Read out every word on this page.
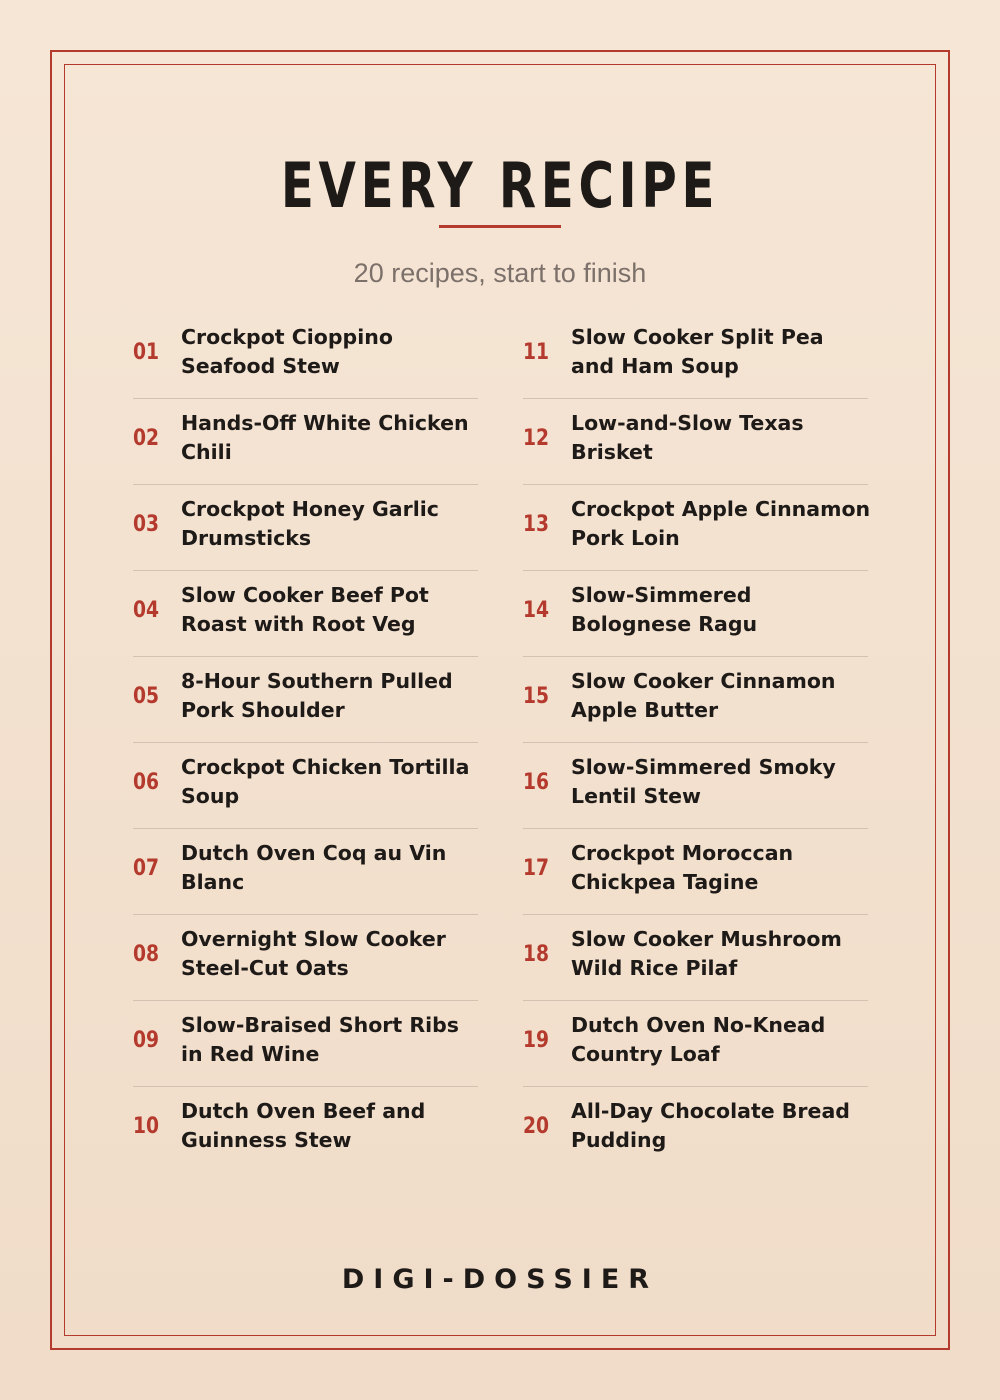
EVERY RECIPE
20 recipes, start to finish
01
Crockpot Cioppino Seafood Stew
02
Hands-Off White Chicken Chili
03
Crockpot Honey Garlic Drumsticks
04
Slow Cooker Beef Pot Roast with Root Veg
05
8-Hour Southern Pulled Pork Shoulder
06
Crockpot Chicken Tortilla Soup
07
Dutch Oven Coq au Vin Blanc
08
Overnight Slow Cooker Steel-Cut Oats
09
Slow-Braised Short Ribs in Red Wine
10
Dutch Oven Beef and Guinness Stew
11
Slow Cooker Split Pea and Ham Soup
12
Low-and-Slow Texas Brisket
13
Crockpot Apple Cinnamon Pork Loin
14
Slow-Simmered Bolognese Ragu
15
Slow Cooker Cinnamon Apple Butter
16
Slow-Simmered Smoky Lentil Stew
17
Crockpot Moroccan Chickpea Tagine
18
Slow Cooker Mushroom Wild Rice Pilaf
19
Dutch Oven No-Knead Country Loaf
20
All-Day Chocolate Bread Pudding
DIGI-DOSSIER
